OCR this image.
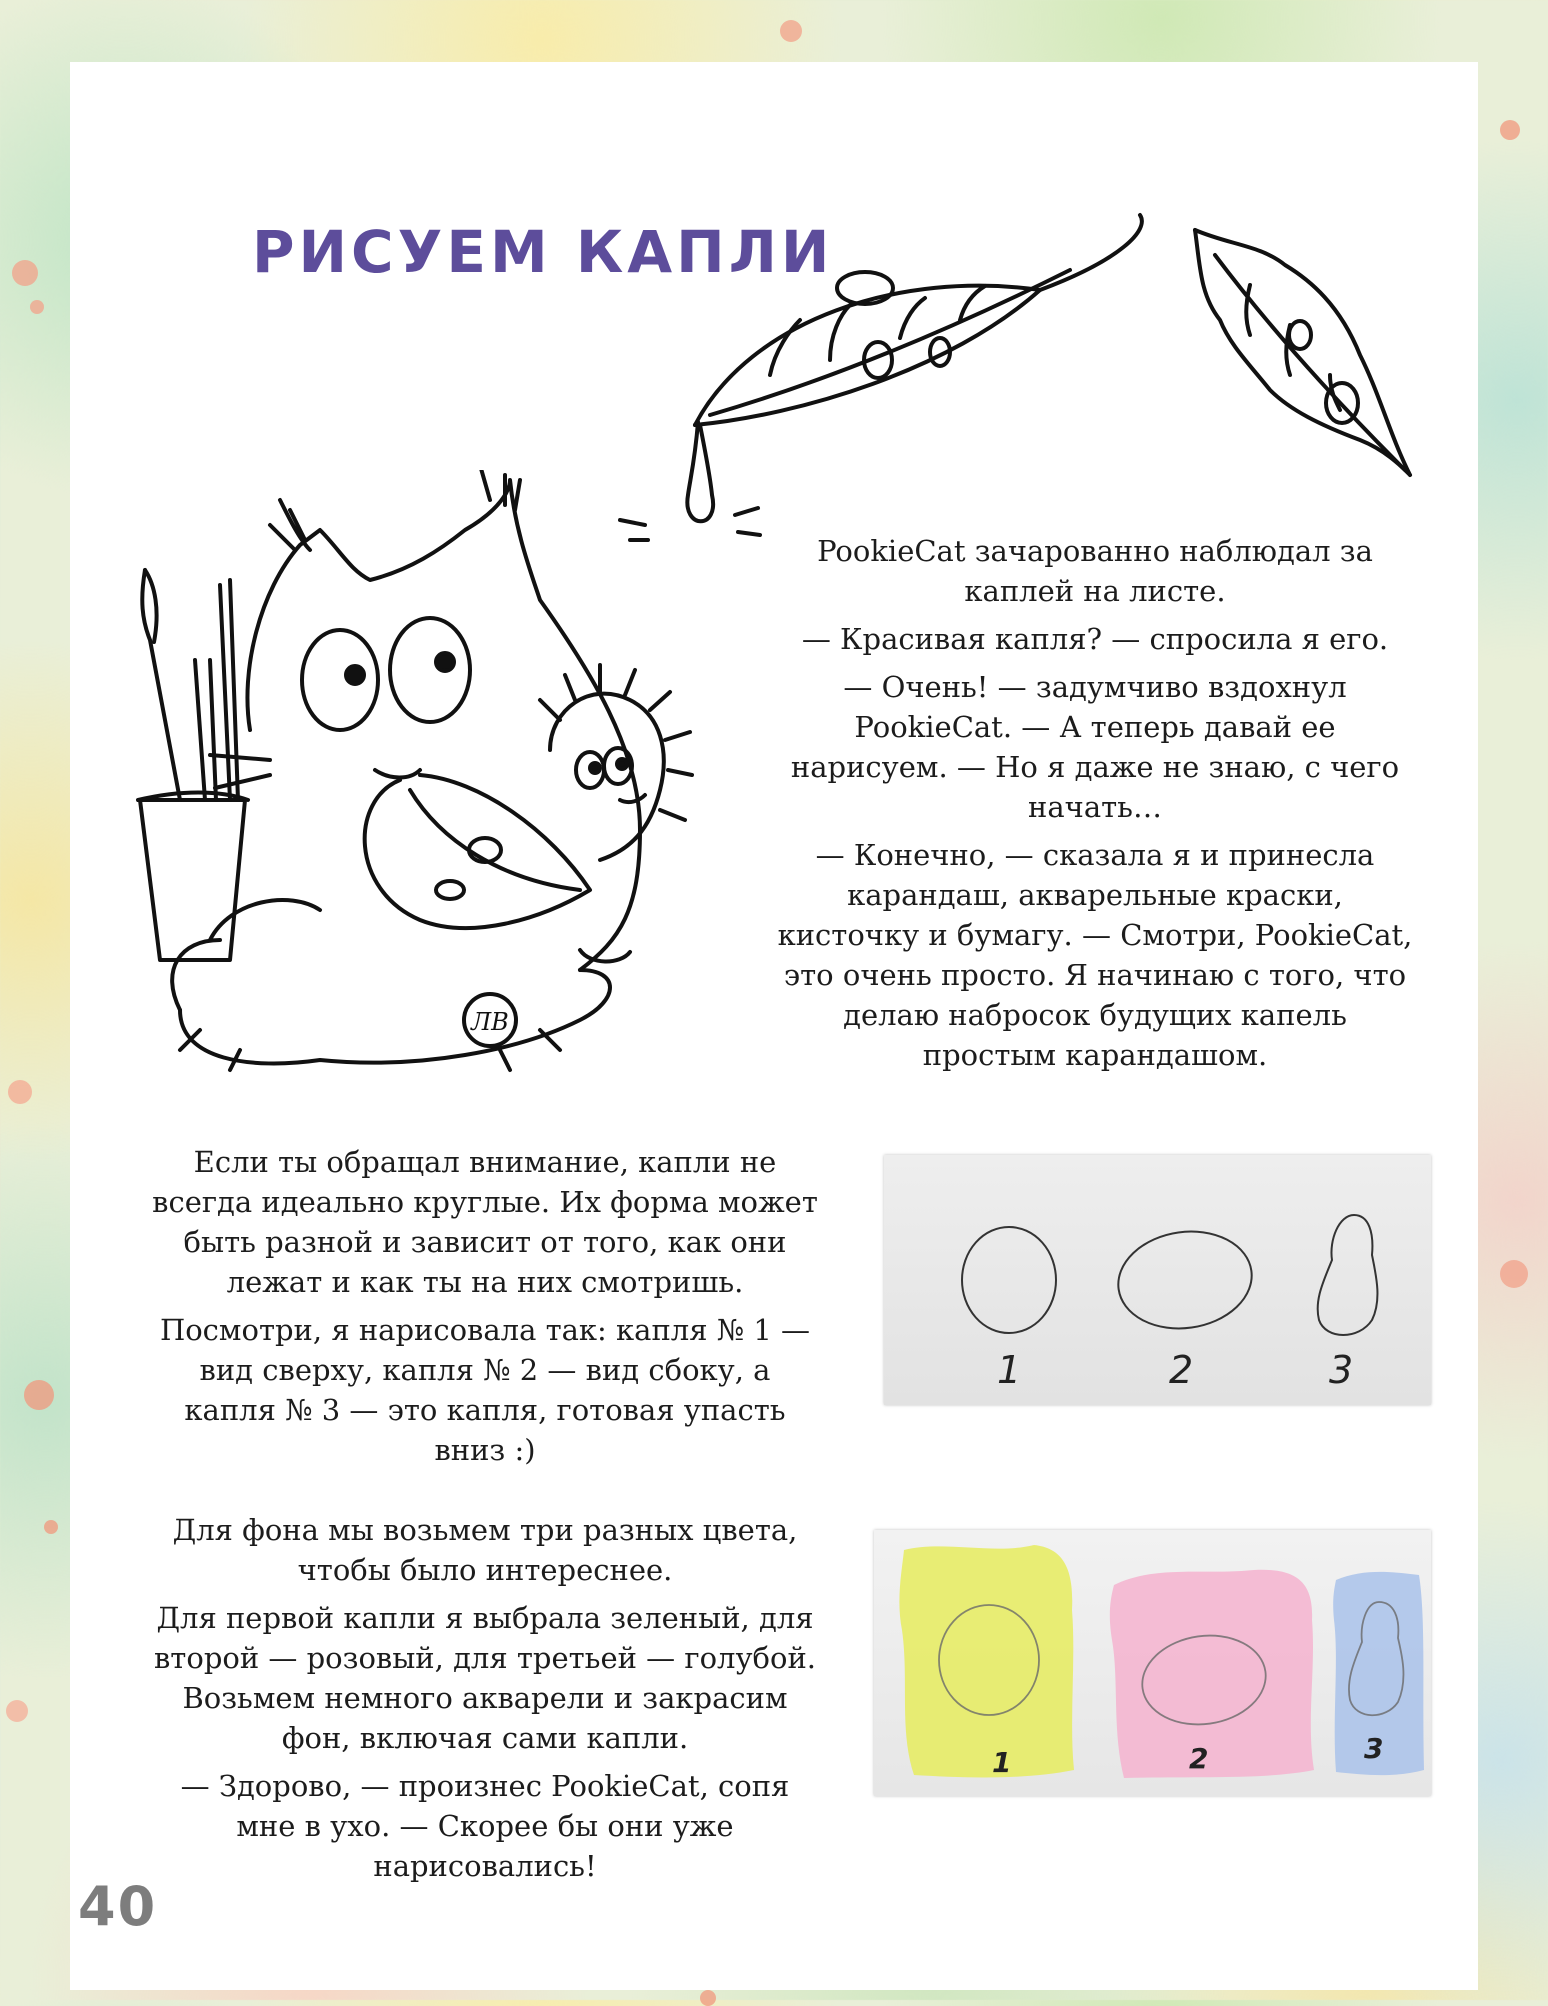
РИСУЕМ КАПЛИ
ЛВ

PookieCat зачарованно наблюдал за каплей на листе.

— Красивая капля? — спросила я его.

— Очень! — задумчиво вздохнул PookieCat. — А теперь давай ее нарисуем. — Но я даже не знаю, с чего начать…

— Конечно, — сказала я и принесла карандаш, акварельные краски, кисточку и бумагу. — Смотри, PookieCat, это очень просто. Я начинаю с того, что делаю набросок будущих капель простым карандашом.

Если ты обращал внимание, капли не всегда идеально круглые. Их форма может быть разной и зависит от того, как они лежат и как ты на них смотришь.

Посмотри, я нарисовала так: капля № 1 — вид сверху, капля № 2 — вид сбоку, а капля № 3 — это капля, готовая упасть вниз :)

1	2	3

Для фона мы возьмем три разных цвета, чтобы было интереснее.

Для первой капли я выбрала зеленый, для второй — розовый, для третьей — голубой. Возьмем немного акварели и закрасим фон, включая сами капли.

— Здорово, — произнес PookieCat, сопя мне в ухо. — Скорее бы они уже нарисовались!

1	2	3
40
